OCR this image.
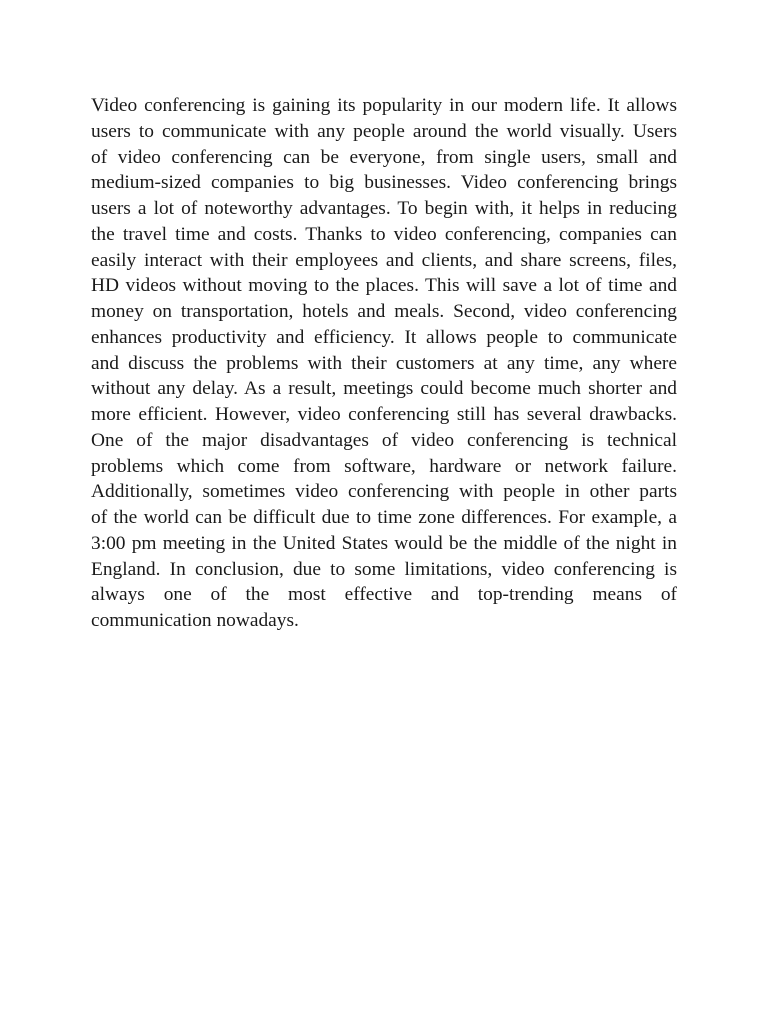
Video conferencing is gaining its popularity in our modern life. It allows
users to communicate with any people around the world visually. Users
of video conferencing can be everyone, from single users, small and
medium-sized companies to big businesses. Video conferencing brings
users a lot of noteworthy advantages. To begin with, it helps in reducing
the travel time and costs. Thanks to video conferencing, companies can
easily interact with their employees and clients, and share screens, files,
HD videos without moving to the places. This will save a lot of time and
money on transportation, hotels and meals. Second, video conferencing
enhances productivity and efficiency. It allows people to communicate
and discuss the problems with their customers at any time, any where
without any delay. As a result, meetings could become much shorter and
more efficient. However, video conferencing still has several drawbacks.
One of the major disadvantages of video conferencing is technical
problems which come from software, hardware or network failure.
Additionally, sometimes video conferencing with people in other parts
of the world can be difficult due to time zone differences. For example, a
3:00 pm meeting in the United States would be the middle of the night in
England. In conclusion, due to some limitations, video conferencing is
always one of the most effective and top-trending means of
communication nowadays.
